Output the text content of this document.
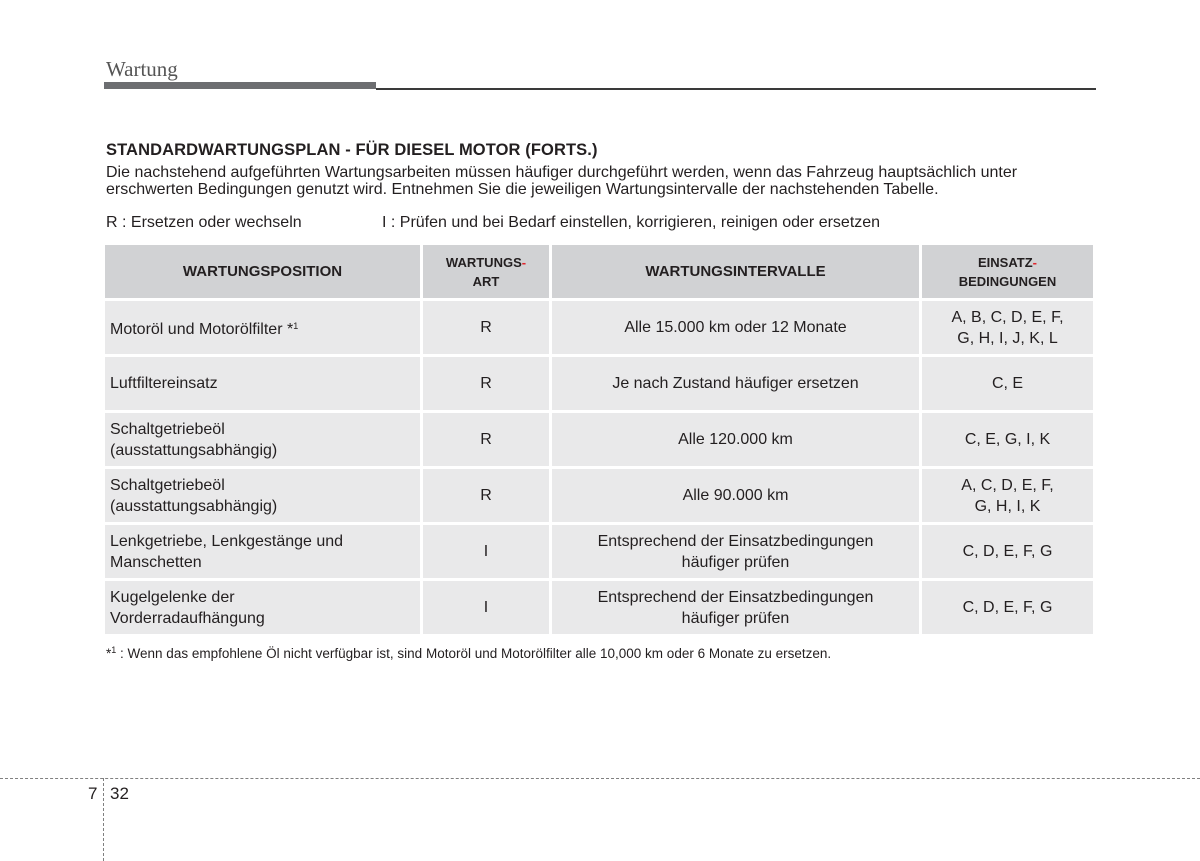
Wartung
STANDARDWARTUNGSPLAN - FÜR DIESEL MOTOR (FORTS.)
Die nachstehend aufgeführten Wartungsarbeiten müssen häufiger durchgeführt werden, wenn das Fahrzeug hauptsächlich unter
erschwerten Bedingungen genutzt wird. Entnehmen Sie die jeweiligen Wartungsintervalle der nachstehenden Tabelle.
R : Ersetzen oder wechseln	I : Prüfen und bei Bedarf einstellen, korrigieren, reinigen oder ersetzen
WARTUNGSPOSITION	WARTUNGS-
ART	WARTUNGSINTERVALLE	EINSATZ-
BEDINGUNGEN
Motoröl und Motorölfilter *$^1$	R	Alle 15.000 km oder 12 Monate	A, B, C, D, E, F,
G, H, I, J, K, L
Luftfiltereinsatz	R	Je nach Zustand häufiger ersetzen	C, E
Schaltgetriebeöl
(ausstattungsabhängig)	R	Alle 120.000 km	C, E, G, I, K
Schaltgetriebeöl
(ausstattungsabhängig)	R	Alle 90.000 km	A, C, D, E, F,
G, H, I, K
Lenkgetriebe, Lenkgestänge und
Manschetten	I	Entsprechend der Einsatzbedingungen
häufiger prüfen	C, D, E, F, G
Kugelgelenke der
Vorderradaufhängung	I	Entsprechend der Einsatzbedingungen
häufiger prüfen	C, D, E, F, G
*$^1$ : Wenn das empfohlene Öl nicht verfügbar ist, sind Motoröl und Motorölfilter alle 10,000 km oder 6 Monate zu ersetzen.
7 32
